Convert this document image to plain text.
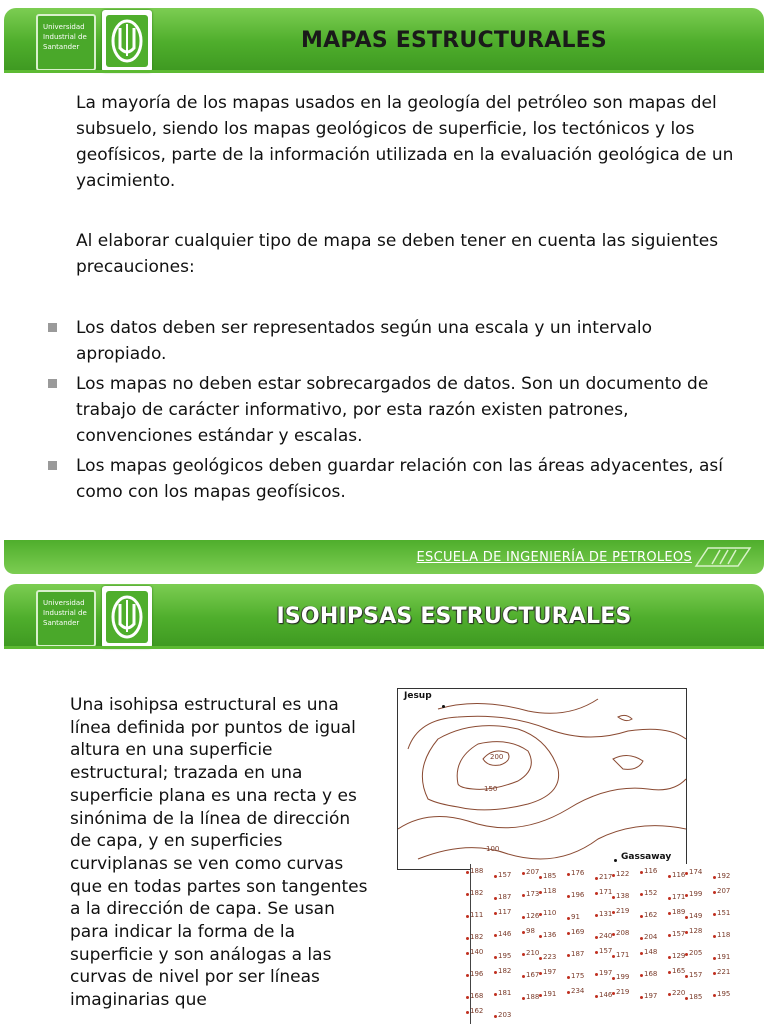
Universidad
Industrial de
Santander	MAPAS ESTRUCTURALES
La mayoría de los mapas usados en la geología del petróleo son mapas del subsuelo, siendo los mapas geológicos de superficie, los tectónicos y los geofísicos, parte de la información utilizada en la evaluación geológica de un yacimiento.
Al elaborar cualquier tipo de mapa se deben tener en cuenta las siguientes precauciones:
Los datos deben ser representados según una escala y un intervalo apropiado.
Los mapas no deben estar sobrecargados de datos. Son un documento de trabajo de carácter informativo, por esta razón existen patrones, convenciones estándar y escalas.
Los mapas geológicos deben guardar relación con las áreas adyacentes, así como con los mapas geofísicos.
ESCUELA DE INGENIERÍA DE PETROLEOS
Universidad
Industrial de
Santander	ISOHIPSAS ESTRUCTURALES
Una isohipsa estructural es una línea definida por puntos de igual altura en una superficie estructural; trazada en una superficie plana es una recta y es sinónima de la línea de dirección de capa, y en superficies curviplanas se ven como curvas que en todas partes son tangentes a la dirección de capa. Se usan para indicar la forma de la superficie y son análogas a las curvas de nivel por ser líneas imaginarias que
Jesup
Gassaway
200
150
100
188 157 207 185 176 217 122 116 116 174 192
182 187 173 118 196 171 138 152 171 199 207
111 117 126 110 91	131 219 162 189 149 151
182 146 98 136 169 240 208 204 157 128 118
140 195 210 223 187 157 171 148 129 205 191
196 182 167 197 175 197 199 168 165 157 221
168 181 188 191 234 146 219 197 220 185 195
162 203
